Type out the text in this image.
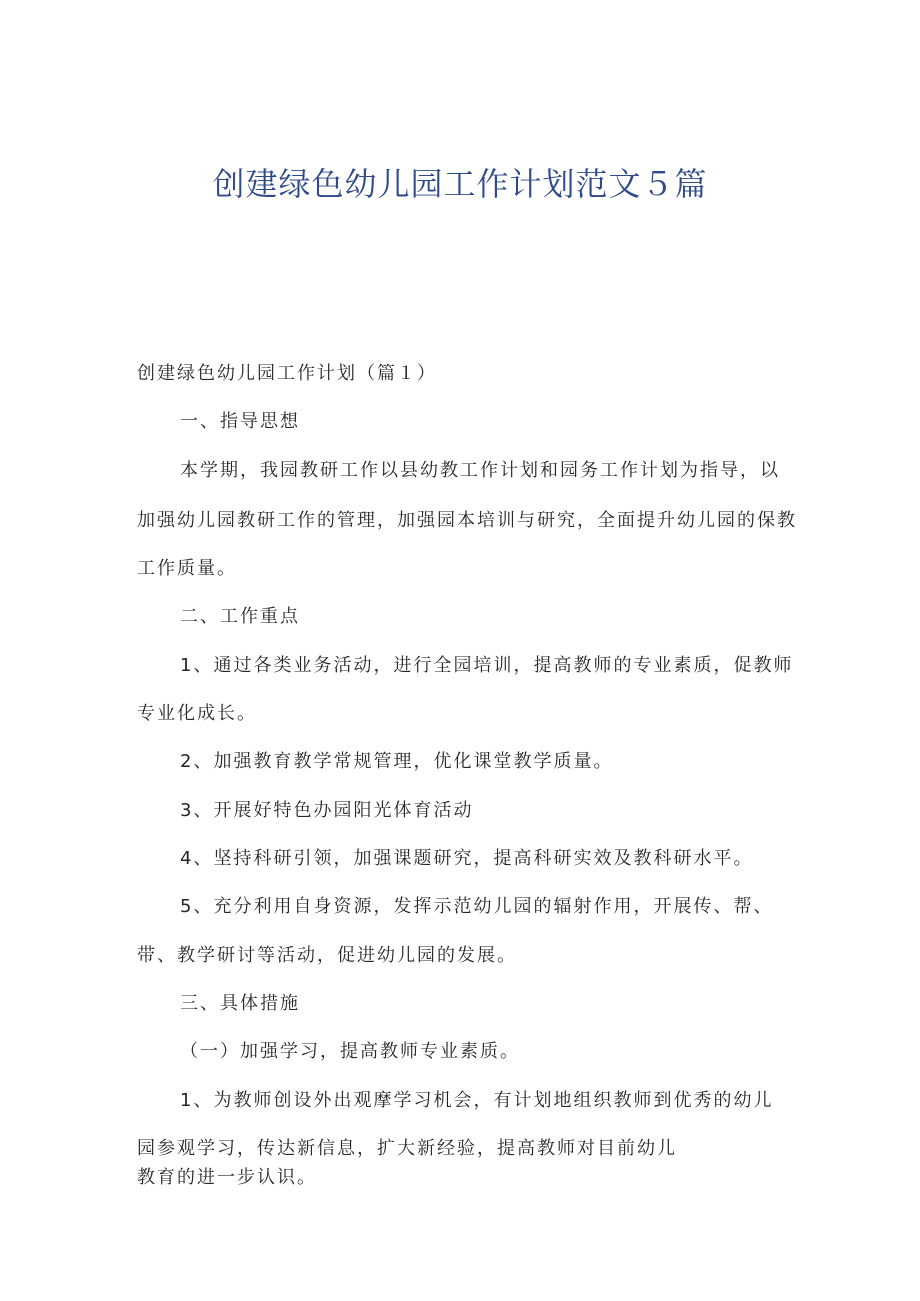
创建绿色幼儿园工作计划范文５篇

创建绿色幼儿园工作计划（篇１）

一、指导思想

本学期，我园教研工作以县幼教工作计划和园务工作计划为指导，以

加强幼儿园教研工作的管理，加强园本培训与研究，全面提升幼儿园的保教

工作质量。

二、工作重点

1、通过各类业务活动，进行全园培训，提高教师的专业素质，促教师

专业化成长。

2、加强教育教学常规管理，优化课堂教学质量。

3、开展好特色办园阳光体育活动

4、坚持科研引领，加强课题研究，提高科研实效及教科研水平。

5、充分利用自身资源，发挥示范幼儿园的辐射作用，开展传、帮、

带、教学研讨等活动，促进幼儿园的发展。

三、具体措施

（一）加强学习，提高教师专业素质。

1、为教师创设外出观摩学习机会，有计划地组织教师到优秀的幼儿

园参观学习，传达新信息，扩大新经验，提高教师对目前幼儿

教育的进一步认识。
